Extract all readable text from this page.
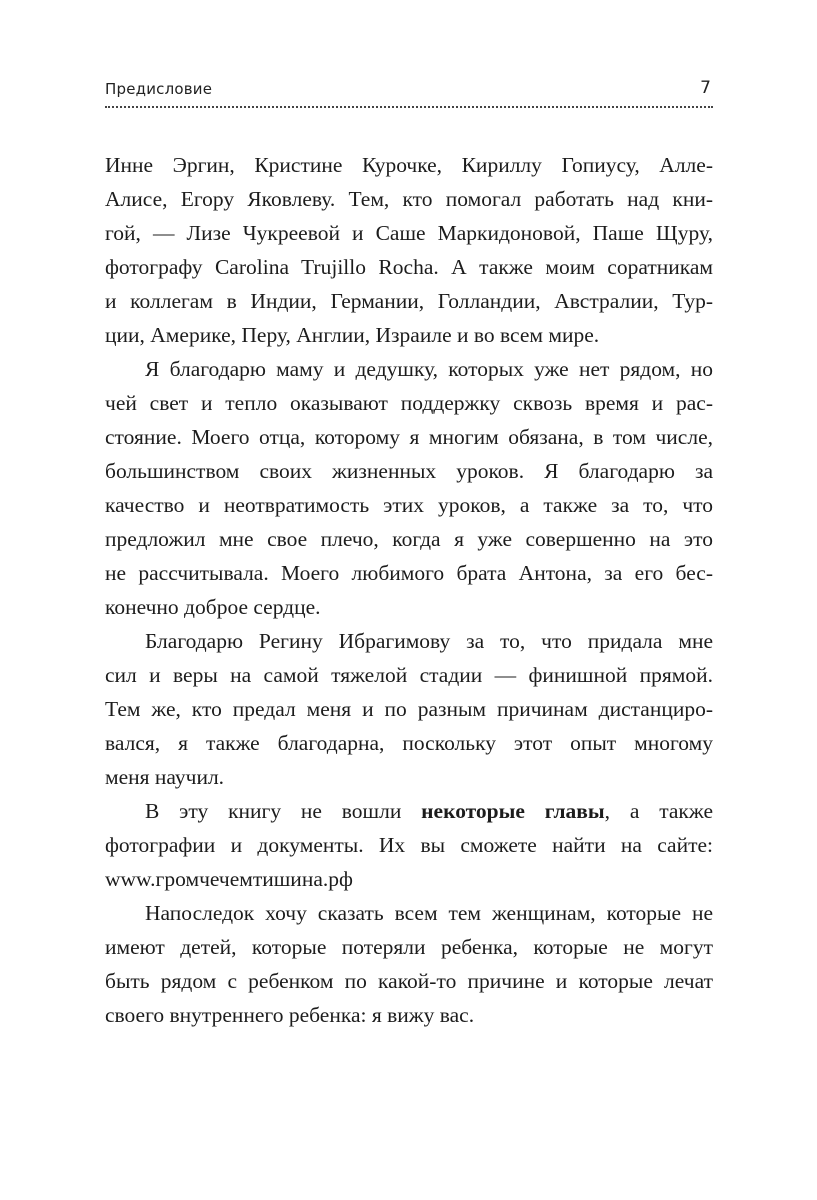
Предисловие	7
Инне Эргин, Кристине Курочке, Кириллу Гопиусу, Алле-
Алисе, Егору Яковлеву. Тем, кто помогал работать над кни-
гой, — Лизе Чукреевой и Саше Маркидоновой, Паше Щуру,
фотографу Carolina Trujillo Rocha. А также моим соратникам
и коллегам в Индии, Германии, Голландии, Австралии, Тур-
ции, Америке, Перу, Англии, Израиле и во всем мире.
Я благодарю маму и дедушку, которых уже нет рядом, но
чей свет и тепло оказывают поддержку сквозь время и рас-
стояние. Моего отца, которому я многим обязана, в том числе,
большинством своих жизненных уроков. Я благодарю за
качество и неотвратимость этих уроков, а также за то, что
предложил мне свое плечо, когда я уже совершенно на это
не рассчитывала. Моего любимого брата Антона, за его бес-
конечно доброе сердце.
Благодарю Регину Ибрагимову за то, что придала мне
сил и веры на самой тяжелой стадии — финишной прямой.
Тем же, кто предал меня и по разным причинам дистанциро-
вался, я также благодарна, поскольку этот опыт многому
меня научил.
В эту книгу не вошли некоторые главы, а также
фотографии и документы. Их вы сможете найти на сайте:
www.громчечемтишина.рф
Напоследок хочу сказать всем тем женщинам, которые не
имеют детей, которые потеряли ребенка, которые не могут
быть рядом с ребенком по какой-то причине и которые лечат
своего внутреннего ребенка: я вижу вас.
